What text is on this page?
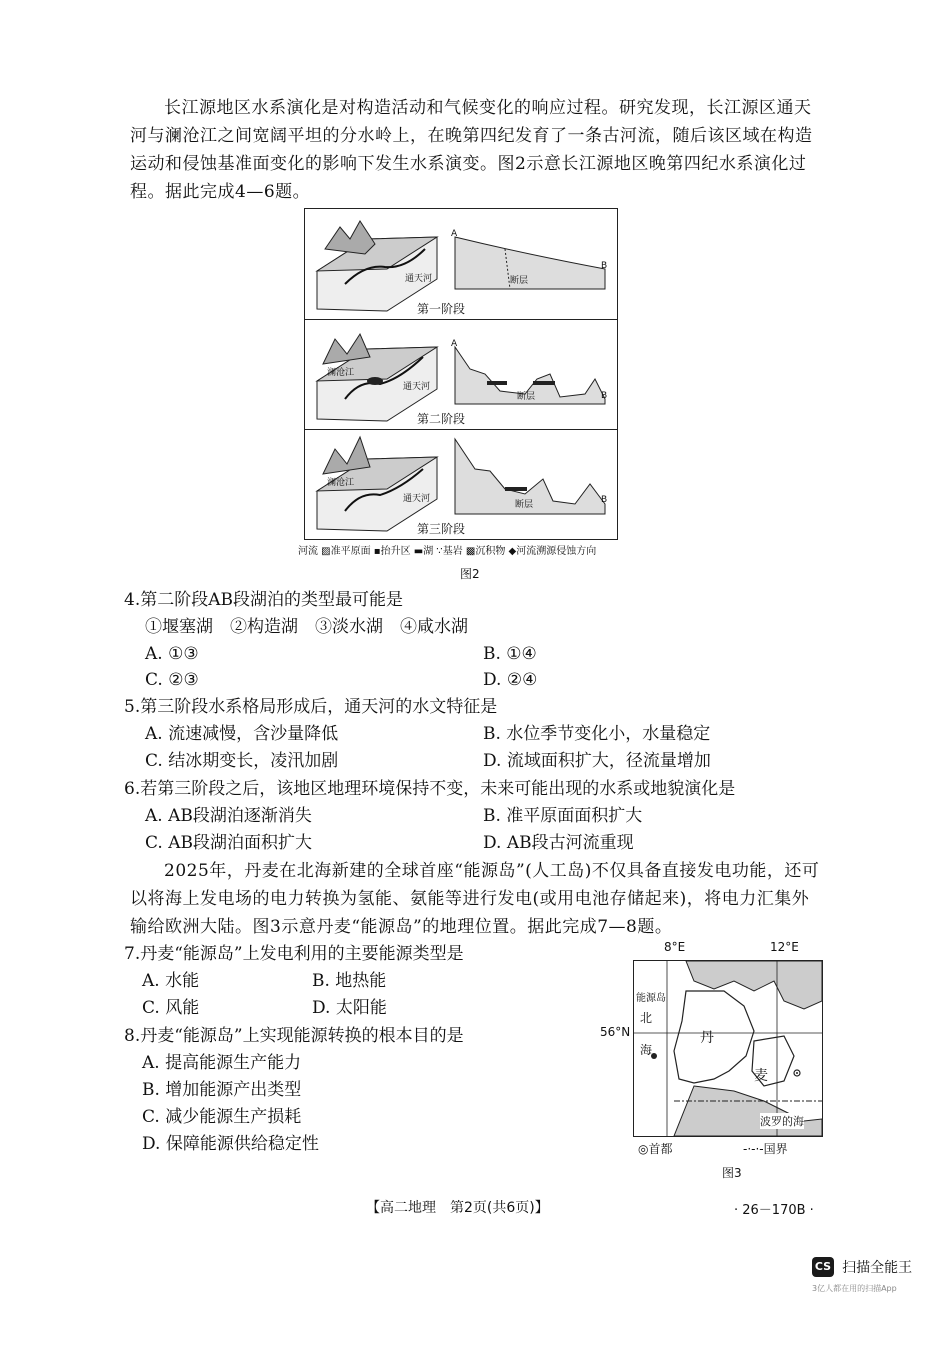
长江源地区水系演化是对构造活动和气候变化的响应过程。研究发现，长江源区通天河与澜沧江之间宽阔平坦的分水岭上，在晚第四纪发育了一条古河流，随后该区域在构造运动和侵蚀基准面变化的影响下发生水系演变。图2示意长江源地区晚第四纪水系演化过程。据此完成4—6题。
A
B
断层
通天河
第一阶段
A
B
断层
澜沧江
通天河
第二阶段
B
断层
澜沧江
通天河
第三阶段
河流 ▨准平原面 ▪抬升区 ▬湖 ∵基岩 ▩沉积物 ◆河流溯源侵蚀方向
图2
4.第二阶段AB段湖泊的类型最可能是
①堰塞湖　②构造湖　③淡水湖　④咸水湖
A. ①③	B. ①④
C. ②③	D. ②④
5.第三阶段水系格局形成后，通天河的水文特征是
A. 流速减慢，含沙量降低	B. 水位季节变化小，水量稳定
C. 结冰期变长，凌汛加剧	D. 流域面积扩大，径流量增加
6.若第三阶段之后，该地区地理环境保持不变，未来可能出现的水系或地貌演化是
A. AB段湖泊逐渐消失	B. 准平原面面积扩大
C. AB段湖泊面积扩大	D. AB段古河流重现
2025年，丹麦在北海新建的全球首座“能源岛”(人工岛)不仅具备直接发电功能，还可以将海上发电场的电力转换为氢能、氨能等进行发电(或用电池存储起来)，将电力汇集外输给欧洲大陆。图3示意丹麦“能源岛”的地理位置。据此完成7—8题。
7.丹麦“能源岛”上发电利用的主要能源类型是
A. 水能	B. 地热能
C. 风能	D. 太阳能
8.丹麦“能源岛”上实现能源转换的根本目的是
A. 提高能源生产能力
B. 增加能源产出类型
C. 减少能源生产损耗
D. 保障能源供给稳定性
8°E	12°E
56°N
能源岛
北
海
丹
麦
波罗的海
◎首都	-·-·-国界
图3
【高二地理　第2页(共6页)】	· 26－170B ·
CS 扫描全能王
3亿人都在用的扫描App
